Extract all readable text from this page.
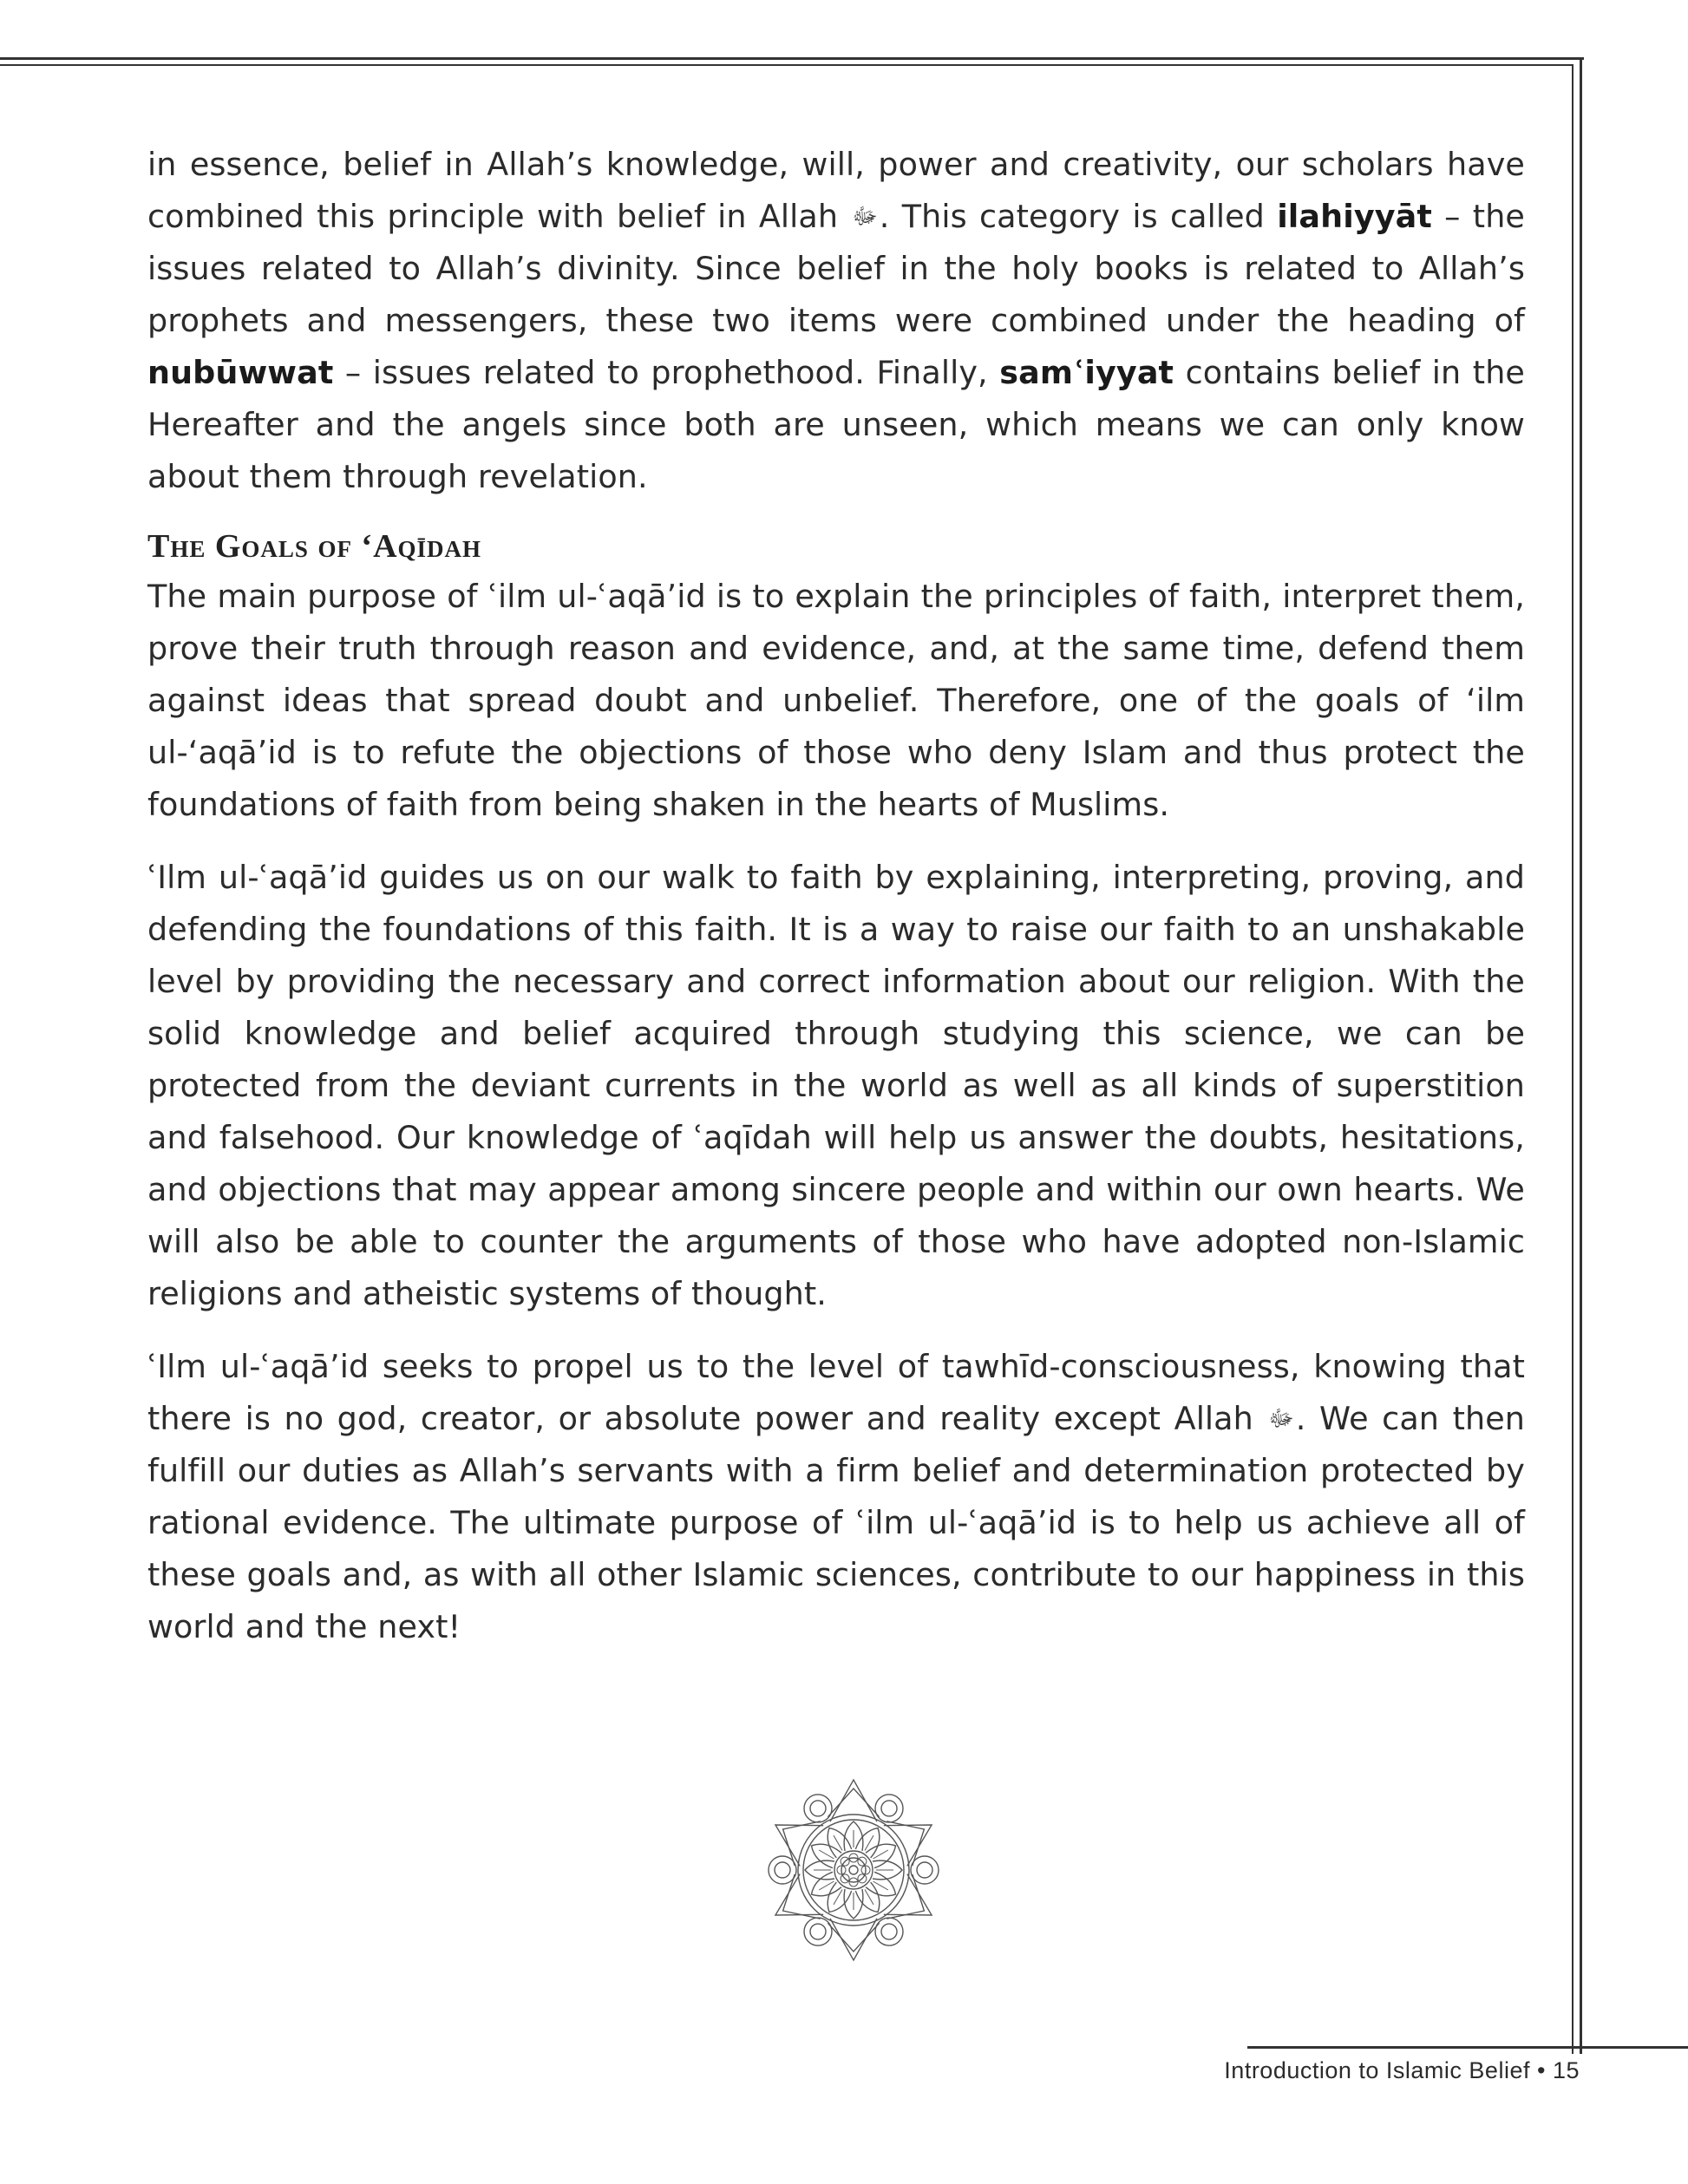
in essence, belief in Allah’s knowledge, will, power and creativity, our scholars have combined this principle with belief in Allah ﷻ. This category is called ilahiyyāt – the issues related to Allah’s divinity. Since belief in the holy books is related to Allah’s prophets and messengers, these two items were combined under the heading of nubūwwat – issues related to prophethood. Finally, samʿiyyat contains belief in the Hereafter and the angels since both are unseen, which means we can only know about them through revelation.

The Goals of ‘Aqīdah

The main purpose of ʿilm ul-ʿaqā’id is to explain the principles of faith, interpret them, prove their truth through reason and evidence, and, at the same time, defend them against ideas that spread doubt and unbelief. Therefore, one of the goals of ‘ilm ul-‘aqā’id is to refute the objections of those who deny Islam and thus protect the foundations of faith from being shaken in the hearts of Muslims.

ʿIlm ul-ʿaqā’id guides us on our walk to faith by explaining, interpreting, proving, and defending the foundations of this faith. It is a way to raise our faith to an unshakable level by providing the necessary and correct information about our religion. With the solid knowledge and belief acquired through studying this science, we can be protected from the deviant currents in the world as well as all kinds of superstition and falsehood. Our knowledge of ʿaqīdah will help us answer the doubts, hesitations, and objections that may appear among sincere people and within our own hearts. We will also be able to counter the arguments of those who have adopted non-Islamic religions and atheistic systems of thought.

ʿIlm ul-ʿaqā’id seeks to propel us to the level of tawhīd-consciousness, knowing that there is no god, creator, or absolute power and reality except Allah ﷻ. We can then fulfill our duties as Allah’s servants with a firm belief and determination protected by rational evidence. The ultimate purpose of ʿilm ul-ʿaqā’id is to help us achieve all of these goals and, as with all other Islamic sciences, contribute to our happiness in this world and the next!

Introduction to Islamic Belief • 15
